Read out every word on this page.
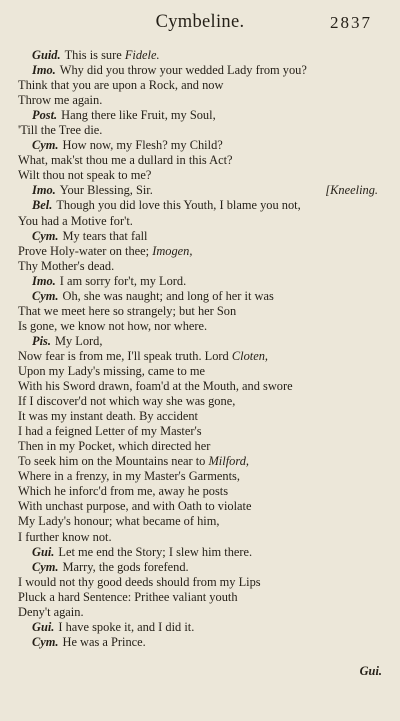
Cymbeline.	2837
Guid. This is sure Fidele.
Imo. Why did you throw your wedded Lady from you?
Think that you are upon a Rock, and now
Throw me again.
Post. Hang there like Fruit, my Soul,
'Till the Tree die.
Cym. How now, my Flesh? my Child?
What, mak'st thou me a dullard in this Act?
Wilt thou not speak to me?
Imo. Your Blessing, Sir.	[Kneeling.
Bel. Though you did love this Youth, I blame you not,
You had a Motive for't.
Cym. My tears that fall
Prove Holy-water on thee; Imogen,
Thy Mother's dead.
Imo. I am sorry for't, my Lord.
Cym. Oh, she was naught; and long of her it was
That we meet here so strangely; but her Son
Is gone, we know not how, nor where.
Pis. My Lord,
Now fear is from me, I'll speak truth. Lord Cloten,
Upon my Lady's missing, came to me
With his Sword drawn, foam'd at the Mouth, and swore
If I discover'd not which way she was gone,
It was my instant death. By accident
I had a feigned Letter of my Master's
Then in my Pocket, which directed her
To seek him on the Mountains near to Milford,
Where in a frenzy, in my Master's Garments,
Which he inforc'd from me, away he posts
With unchast purpose, and with Oath to violate
My Lady's honour; what became of him,
I further know not.
Gui. Let me end the Story; I slew him there.
Cym. Marry, the gods forefend.
I would not thy good deeds should from my Lips
Pluck a hard Sentence: Prithee valiant youth
Deny't again.
Gui. I have spoke it, and I did it.
Cym. He was a Prince.
Gui.
